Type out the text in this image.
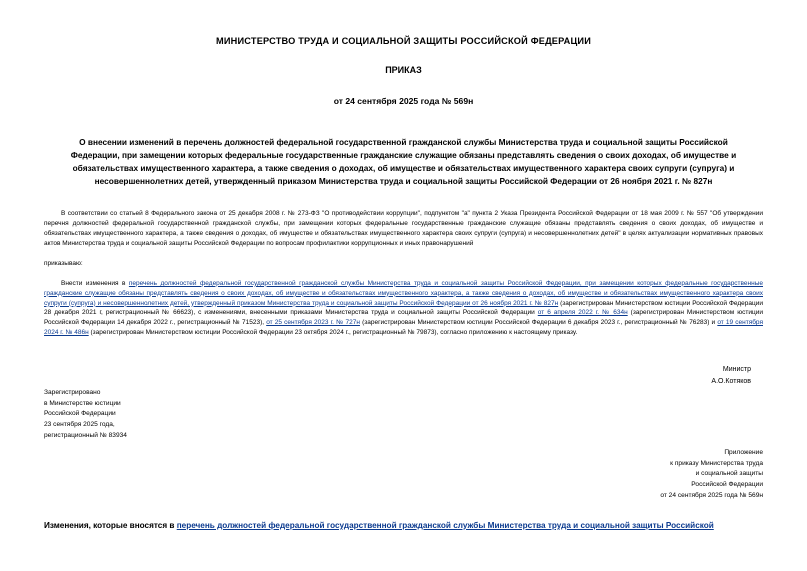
МИНИСТЕРСТВО ТРУДА И СОЦИАЛЬНОЙ ЗАЩИТЫ РОССИЙСКОЙ ФЕДЕРАЦИИ
ПРИКАЗ
от 24 сентября 2025 года № 569н
О внесении изменений в перечень должностей федеральной государственной гражданской службы Министерства труда и социальной защиты Российской Федерации, при замещении которых федеральные государственные гражданские служащие обязаны представлять сведения о своих доходах, об имуществе и обязательствах имущественного характера, а также сведения о доходах, об имуществе и обязательствах имущественного характера своих супруги (супруга) и несовершеннолетних детей, утвержденный приказом Министерства труда и социальной защиты Российской Федерации от 26 ноября 2021 г. № 827н
В соответствии со статьей 8 Федерального закона от 25 декабря 2008 г. № 273-ФЗ "О противодействии коррупции", подпунктом "а" пункта 2 Указа Президента Российской Федерации от 18 мая 2009 г. № 557 "Об утверждении перечня должностей федеральной государственной гражданской службы, при замещении которых федеральные государственные гражданские служащие обязаны представлять сведения о своих доходах, об имуществе и обязательствах имущественного характера, а также сведения о доходах, об имуществе и обязательствах имущественного характера своих супруги (супруга) и несовершеннолетних детей" в целях актуализации нормативных правовых актов Министерства труда и социальной защиты Российской Федерации по вопросам профилактики коррупционных и иных правонарушений
приказываю:
Внести изменения в перечень должностей федеральной государственной гражданской службы Министерства труда и социальной защиты Российской Федерации, при замещении которых федеральные государственные гражданские служащие обязаны представлять сведения о своих доходах, об имуществе и обязательствах имущественного характера, а также сведения о доходах, об имуществе и обязательствах имущественного характера своих супруги (супруга) и несовершеннолетних детей, утвержденный приказом Министерства труда и социальной защиты Российской Федерации от 26 ноября 2021 г. № 827н (зарегистрирован Министерством юстиции Российской Федерации 28 декабря 2021 г, регистрационный № 66623), с изменениями, внесенными приказами Министерства труда и социальной защиты Российской Федерации от 6 апреля 2022 г. № 634н (зарегистрирован Министерством юстиции Российской Федерации 14 декабря 2022 г., регистрационный № 71523), от 25 сентября 2023 г. № 727н (зарегистрирован Министерством юстиции Российской Федерации 6 декабря 2023 г., регистрационный № 76283) и от 19 сентября 2024 г. № 486н (зарегистрирован Министерством юстиции Российской Федерации 23 октября 2024 г., регистрационный № 79873), согласно приложению к настоящему приказу.
Министр
А.О.Котяков
Зарегистрировано
в Министерстве юстиции
Российской Федерации
23 сентября 2025 года,
регистрационный № 83934
Приложение
к приказу Министерства труда
и социальной защиты
Российской Федерации
от 24 сентября 2025 года № 569н
Изменения, которые вносятся в перечень должностей федеральной государственной гражданской службы Министерства труда и социальной защиты Российской
